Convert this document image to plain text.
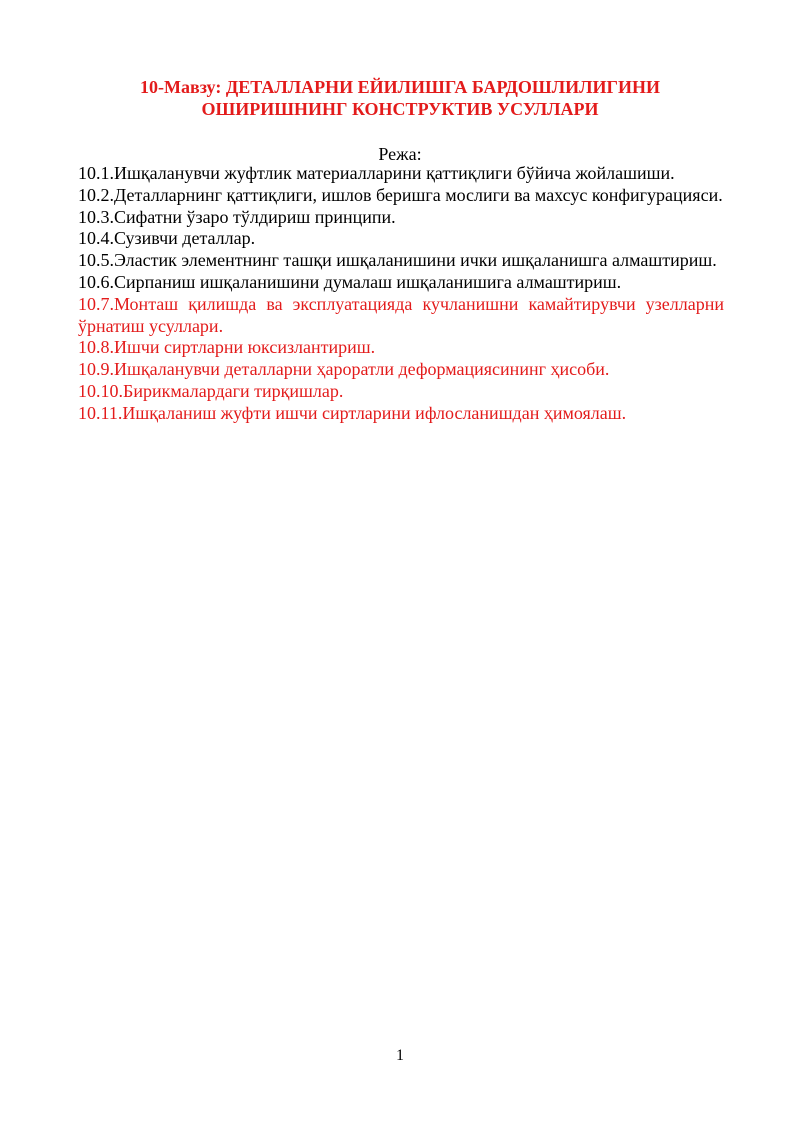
10-Мавзу: ДЕТАЛЛАРНИ ЕЙИЛИШГА БАРДОШЛИЛИГИНИ
ОШИРИШНИНГ КОНСТРУКТИВ УСУЛЛАРИ
Режа:
10.1.Ишқаланувчи жуфтлик материалларини қаттиқлиги бўйича жойлашиши.
10.2.Деталларнинг қаттиқлиги, ишлов беришга мослиги ва махсус конфигурацияси.
10.3.Сифатни ўзаро тўлдириш принципи.
10.4.Сузивчи деталлар.
10.5.Эластик элементнинг ташқи ишқаланишини ички ишқаланишга алмаштириш.
10.6.Сирпаниш ишқаланишини думалаш ишқаланишига алмаштириш.
10.7.Монташ қилишда ва эксплуатацияда кучланишни камайтирувчи узелларни ўрнатиш усуллари.
10.8.Ишчи сиртларни юксизлантириш.
10.9.Ишқаланувчи деталларни ҳароратли деформациясининг ҳисоби.
10.10.Бирикмалардаги тирқишлар.
10.11.Ишқаланиш жуфти ишчи сиртларини ифлосланишдан ҳимоялаш.
1
